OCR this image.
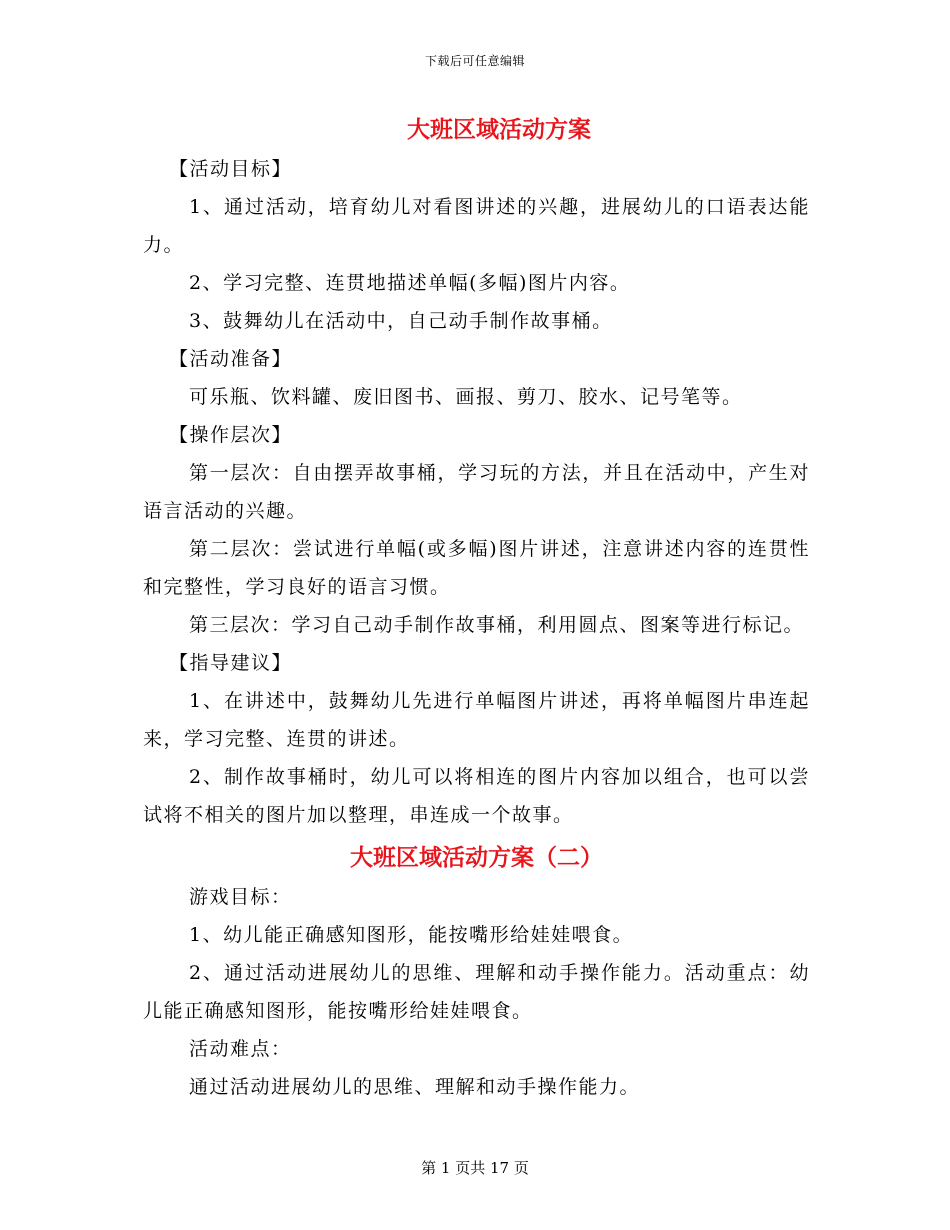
下载后可任意编辑
大班区域活动方案

【活动目标】

1、通过活动，培育幼儿对看图讲述的兴趣，进展幼儿的口语表达能力。

2、学习完整、连贯地描述单幅(多幅)图片内容。

3、鼓舞幼儿在活动中，自己动手制作故事桶。

【活动准备】

可乐瓶、饮料罐、废旧图书、画报、剪刀、胶水、记号笔等。

【操作层次】

第一层次：自由摆弄故事桶，学习玩的方法，并且在活动中，产生对语言活动的兴趣。

第二层次：尝试进行单幅(或多幅)图片讲述，注意讲述内容的连贯性和完整性，学习良好的语言习惯。

第三层次：学习自己动手制作故事桶，利用圆点、图案等进行标记。

【指导建议】

1、在讲述中，鼓舞幼儿先进行单幅图片讲述，再将单幅图片串连起来，学习完整、连贯的讲述。

2、制作故事桶时，幼儿可以将相连的图片内容加以组合，也可以尝试将不相关的图片加以整理，串连成一个故事。

大班区域活动方案（二）

游戏目标：

1、幼儿能正确感知图形，能按嘴形给娃娃喂食。

2、通过活动进展幼儿的思维、理解和动手操作能力。活动重点：幼儿能正确感知图形，能按嘴形给娃娃喂食。

活动难点：

通过活动进展幼儿的思维、理解和动手操作能力。

第 1 页共 17 页
